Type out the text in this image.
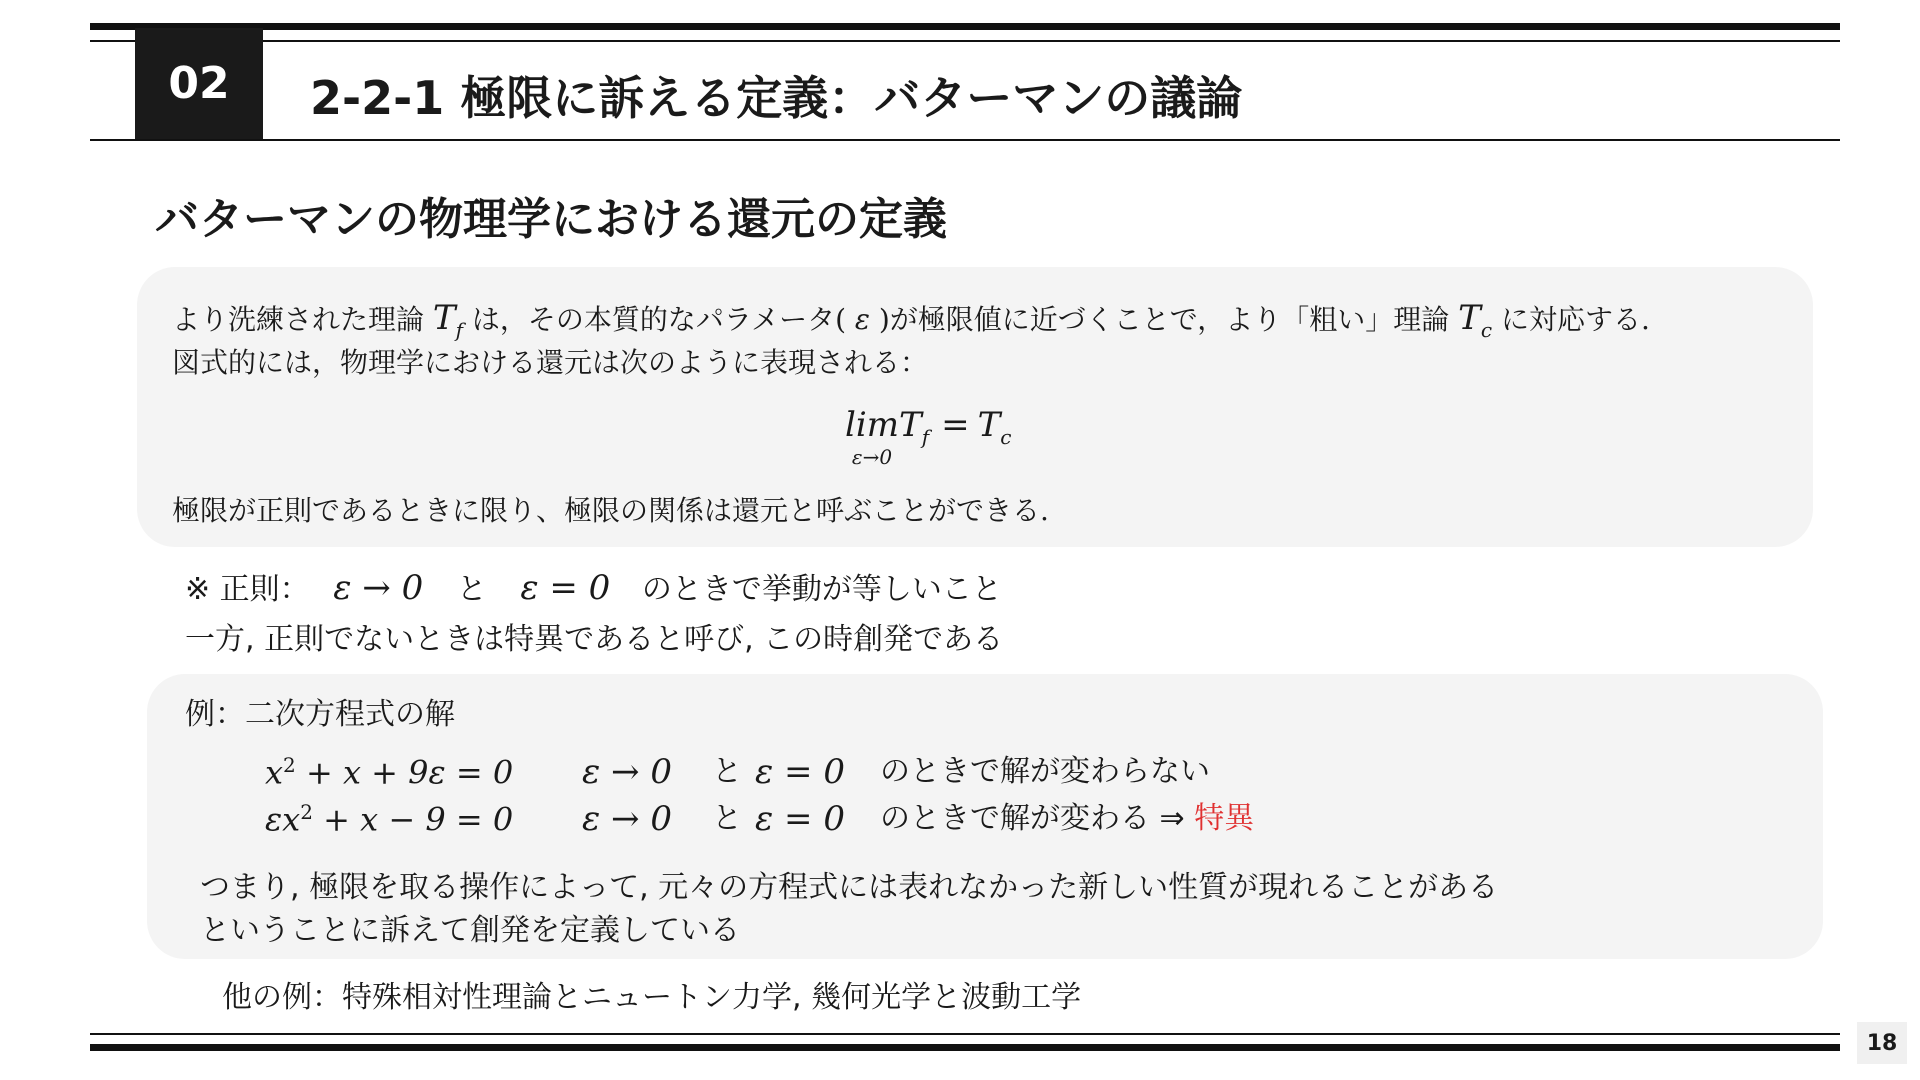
02 2-2-1 極限に訴える定義：バターマンの議論
バターマンの物理学における還元の定義
より洗練された理論 $T_f$ は，その本質的なパラメータ( ε )が極限値に近づくことで，より「粗い」理論 $T_c$ に対応する.
図式的には，物理学における還元は次のように表現される：
lim
ε→0
$T_f = T_c$
極限が正則であるときに限り、極限の関係は還元と呼ぶことができる.
※ 正則： ε → 0 と ε = 0 のときで挙動が等しいこと
一方, 正則でないときは特異であると呼び, この時創発である
例：二次方程式の解
$x^2 + x + 9\varepsilon = 0$ ε → 0 と ε = 0 のときで解が変わらない
$\varepsilon x^2 + x - 9 = 0$ ε → 0 と ε = 0 のときで解が変わる ⇒ 特異
つまり, 極限を取る操作によって, 元々の方程式には表れなかった新しい性質が現れることがある
ということに訴えて創発を定義している
他の例：特殊相対性理論とニュートン力学, 幾何光学と波動工学
18
